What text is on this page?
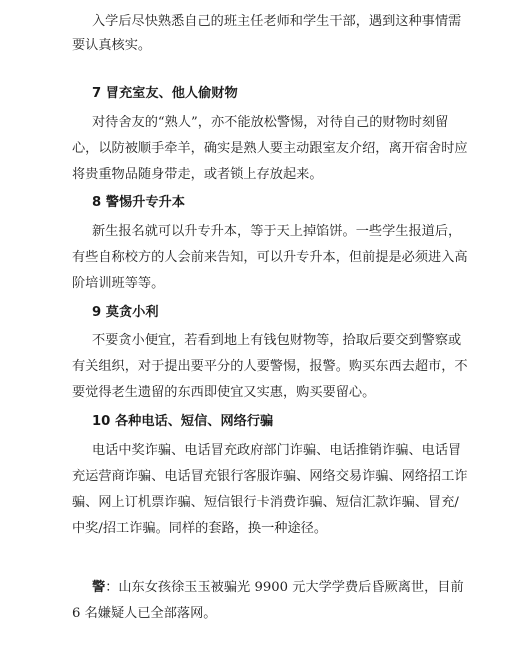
入学后尽快熟悉自己的班主任老师和学生干部，遇到这种事情需
要认真核实。
7 冒充室友、他人偷财物
对待舍友的“熟人”，亦不能放松警惕，对待自己的财物时刻留
心，以防被顺手牵羊，确实是熟人要主动跟室友介绍，离开宿舍时应
将贵重物品随身带走，或者锁上存放起来。
8 警惕升专升本
新生报名就可以升专升本，等于天上掉馅饼。一些学生报道后，
有些自称校方的人会前来告知，可以升专升本，但前提是必须进入高
阶培训班等等。
9 莫贪小利
不要贪小便宜，若看到地上有钱包财物等，拾取后要交到警察或
有关组织，对于提出要平分的人要警惕，报警。购买东西去超市，不
要觉得老生遗留的东西即使宜又实惠，购买要留心。
10 各种电话、短信、网络行骗
电话中奖诈骗、电话冒充政府部门诈骗、电话推销诈骗、电话冒
充运营商诈骗、电话冒充银行客服诈骗、网络交易诈骗、网络招工诈
骗、网上订机票诈骗、短信银行卡消费诈骗、短信汇款诈骗、冒充/
中奖/招工诈骗。同样的套路，换一种途径。
警：山东女孩徐玉玉被骗光 9900 元大学学费后昏厥离世，目前
6 名嫌疑人已全部落网。
